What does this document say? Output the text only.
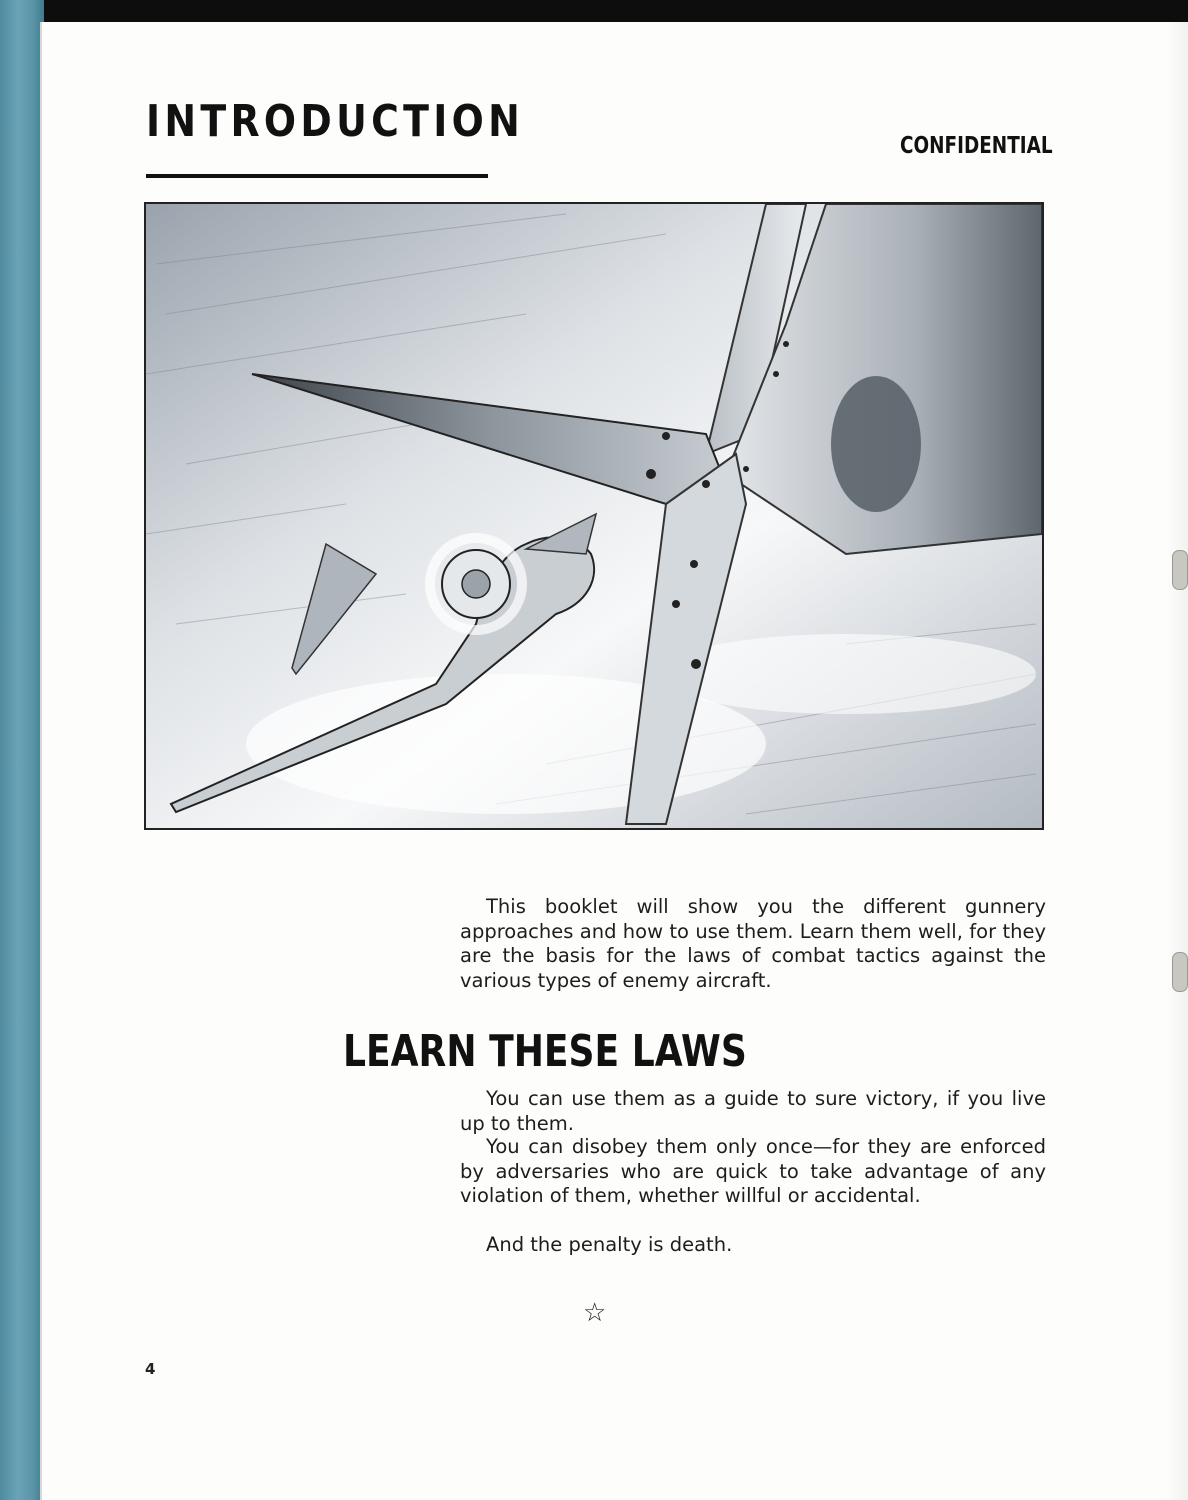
INTRODUCTION	CONFIDENTIAL

This booklet will show you the different gunnery approaches and how to use them. Learn them well, for they are the basis for the laws of combat tactics against the various types of enemy aircraft.

LEARN THESE LAWS

You can use them as a guide to sure victory, if you live up to them.

You can disobey them only once—for they are enforced by adversaries who are quick to take advantage of any violation of them, whether willful or accidental.

And the penalty is death.

☆
4
